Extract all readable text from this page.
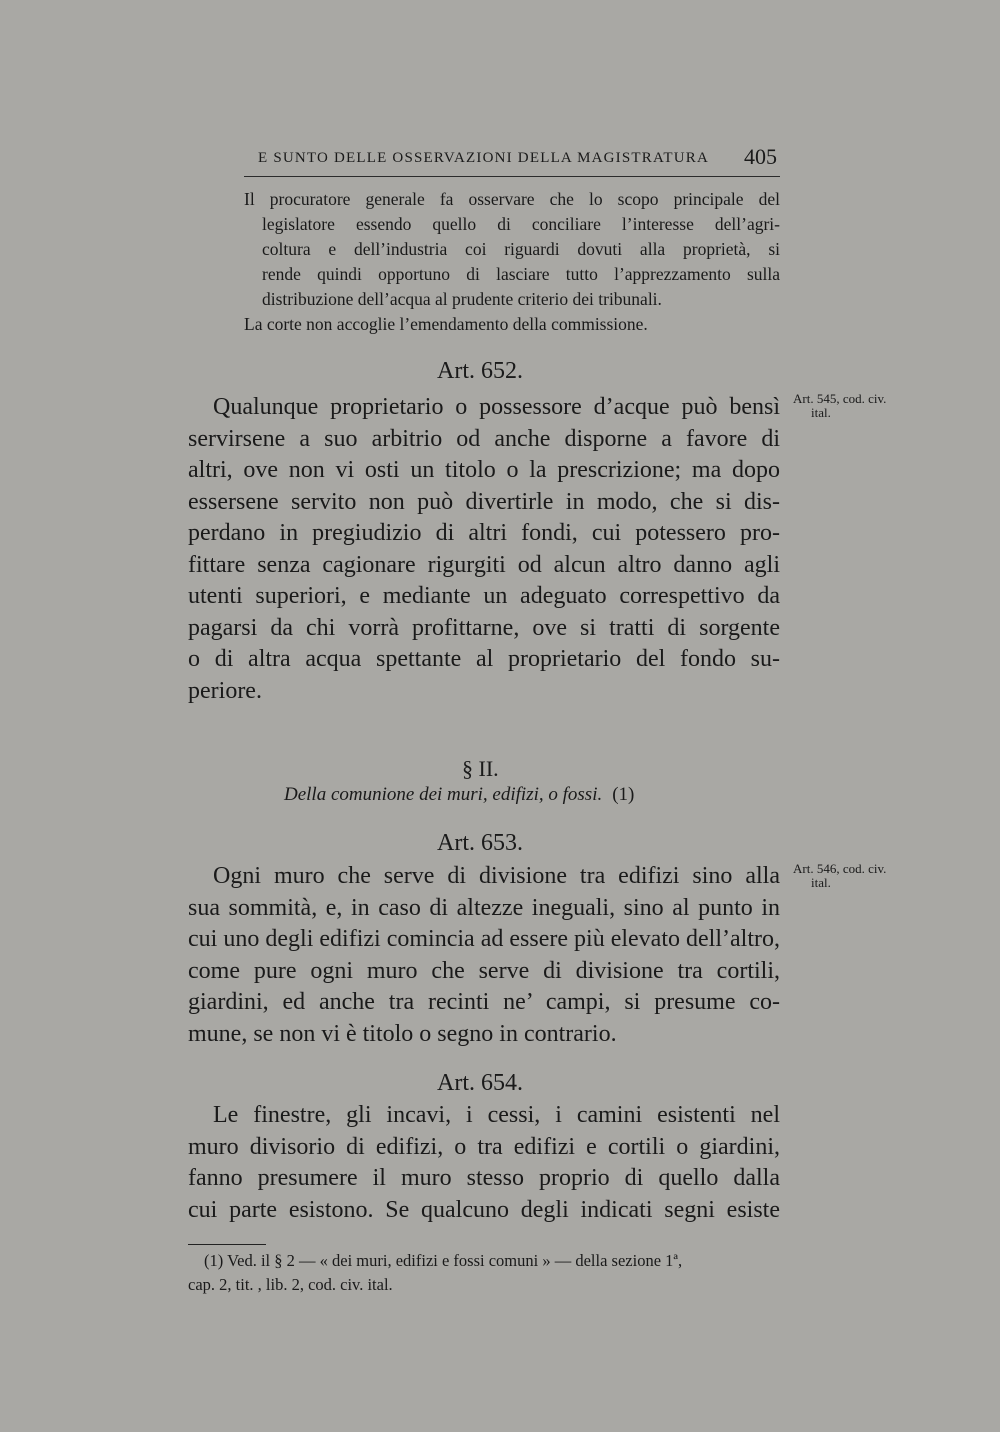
E SUNTO DELLE OSSERVAZIONI DELLA MAGISTRATURA 405
Il procuratore generale fa osservare che lo scopo principale del
legislatore essendo quello di conciliare l’interesse dell’agri-
coltura e dell’industria coi riguardi dovuti alla proprietà, si
rende quindi opportuno di lasciare tutto l’apprezzamento sulla
distribuzione dell’acqua al prudente criterio dei tribunali.
La corte non accoglie l’emendamento della commissione.
Art. 652.
Art. 545, cod. civ.
ital.
Qualunque proprietario o possessore d’acque può bensì
servirsene a suo arbitrio od anche disporne a favore di
altri, ove non vi osti un titolo o la prescrizione; ma dopo
essersene servito non può divertirle in modo, che si dis-
perdano in pregiudizio di altri fondi, cui potessero pro-
fittare senza cagionare rigurgiti od alcun altro danno agli
utenti superiori, e mediante un adeguato correspettivo da
pagarsi da chi vorrà profittarne, ove si tratti di sorgente
o di altra acqua spettante al proprietario del fondo su-
periore.
§ II.
Della comunione dei muri, edifizi, o fossi. (1)
Art. 653.
Art. 546, cod. civ.
ital.
Ogni muro che serve di divisione tra edifizi sino alla
sua sommità, e, in caso di altezze ineguali, sino al punto in
cui uno degli edifizi comincia ad essere più elevato dell’altro,
come pure ogni muro che serve di divisione tra cortili,
giardini, ed anche tra recinti ne’ campi, si presume co-
mune, se non vi è titolo o segno in contrario.
Art. 654.
Le finestre, gli incavi, i cessi, i camini esistenti nel
muro divisorio di edifizi, o tra edifizi e cortili o giardini,
fanno presumere il muro stesso proprio di quello dalla
cui parte esistono. Se qualcuno degli indicati segni esiste
(1) Ved. il § 2 — « dei muri, edifizi e fossi comuni » — della sezione 1ª,
cap. 2, tit. , lib. 2, cod. civ. ital.
